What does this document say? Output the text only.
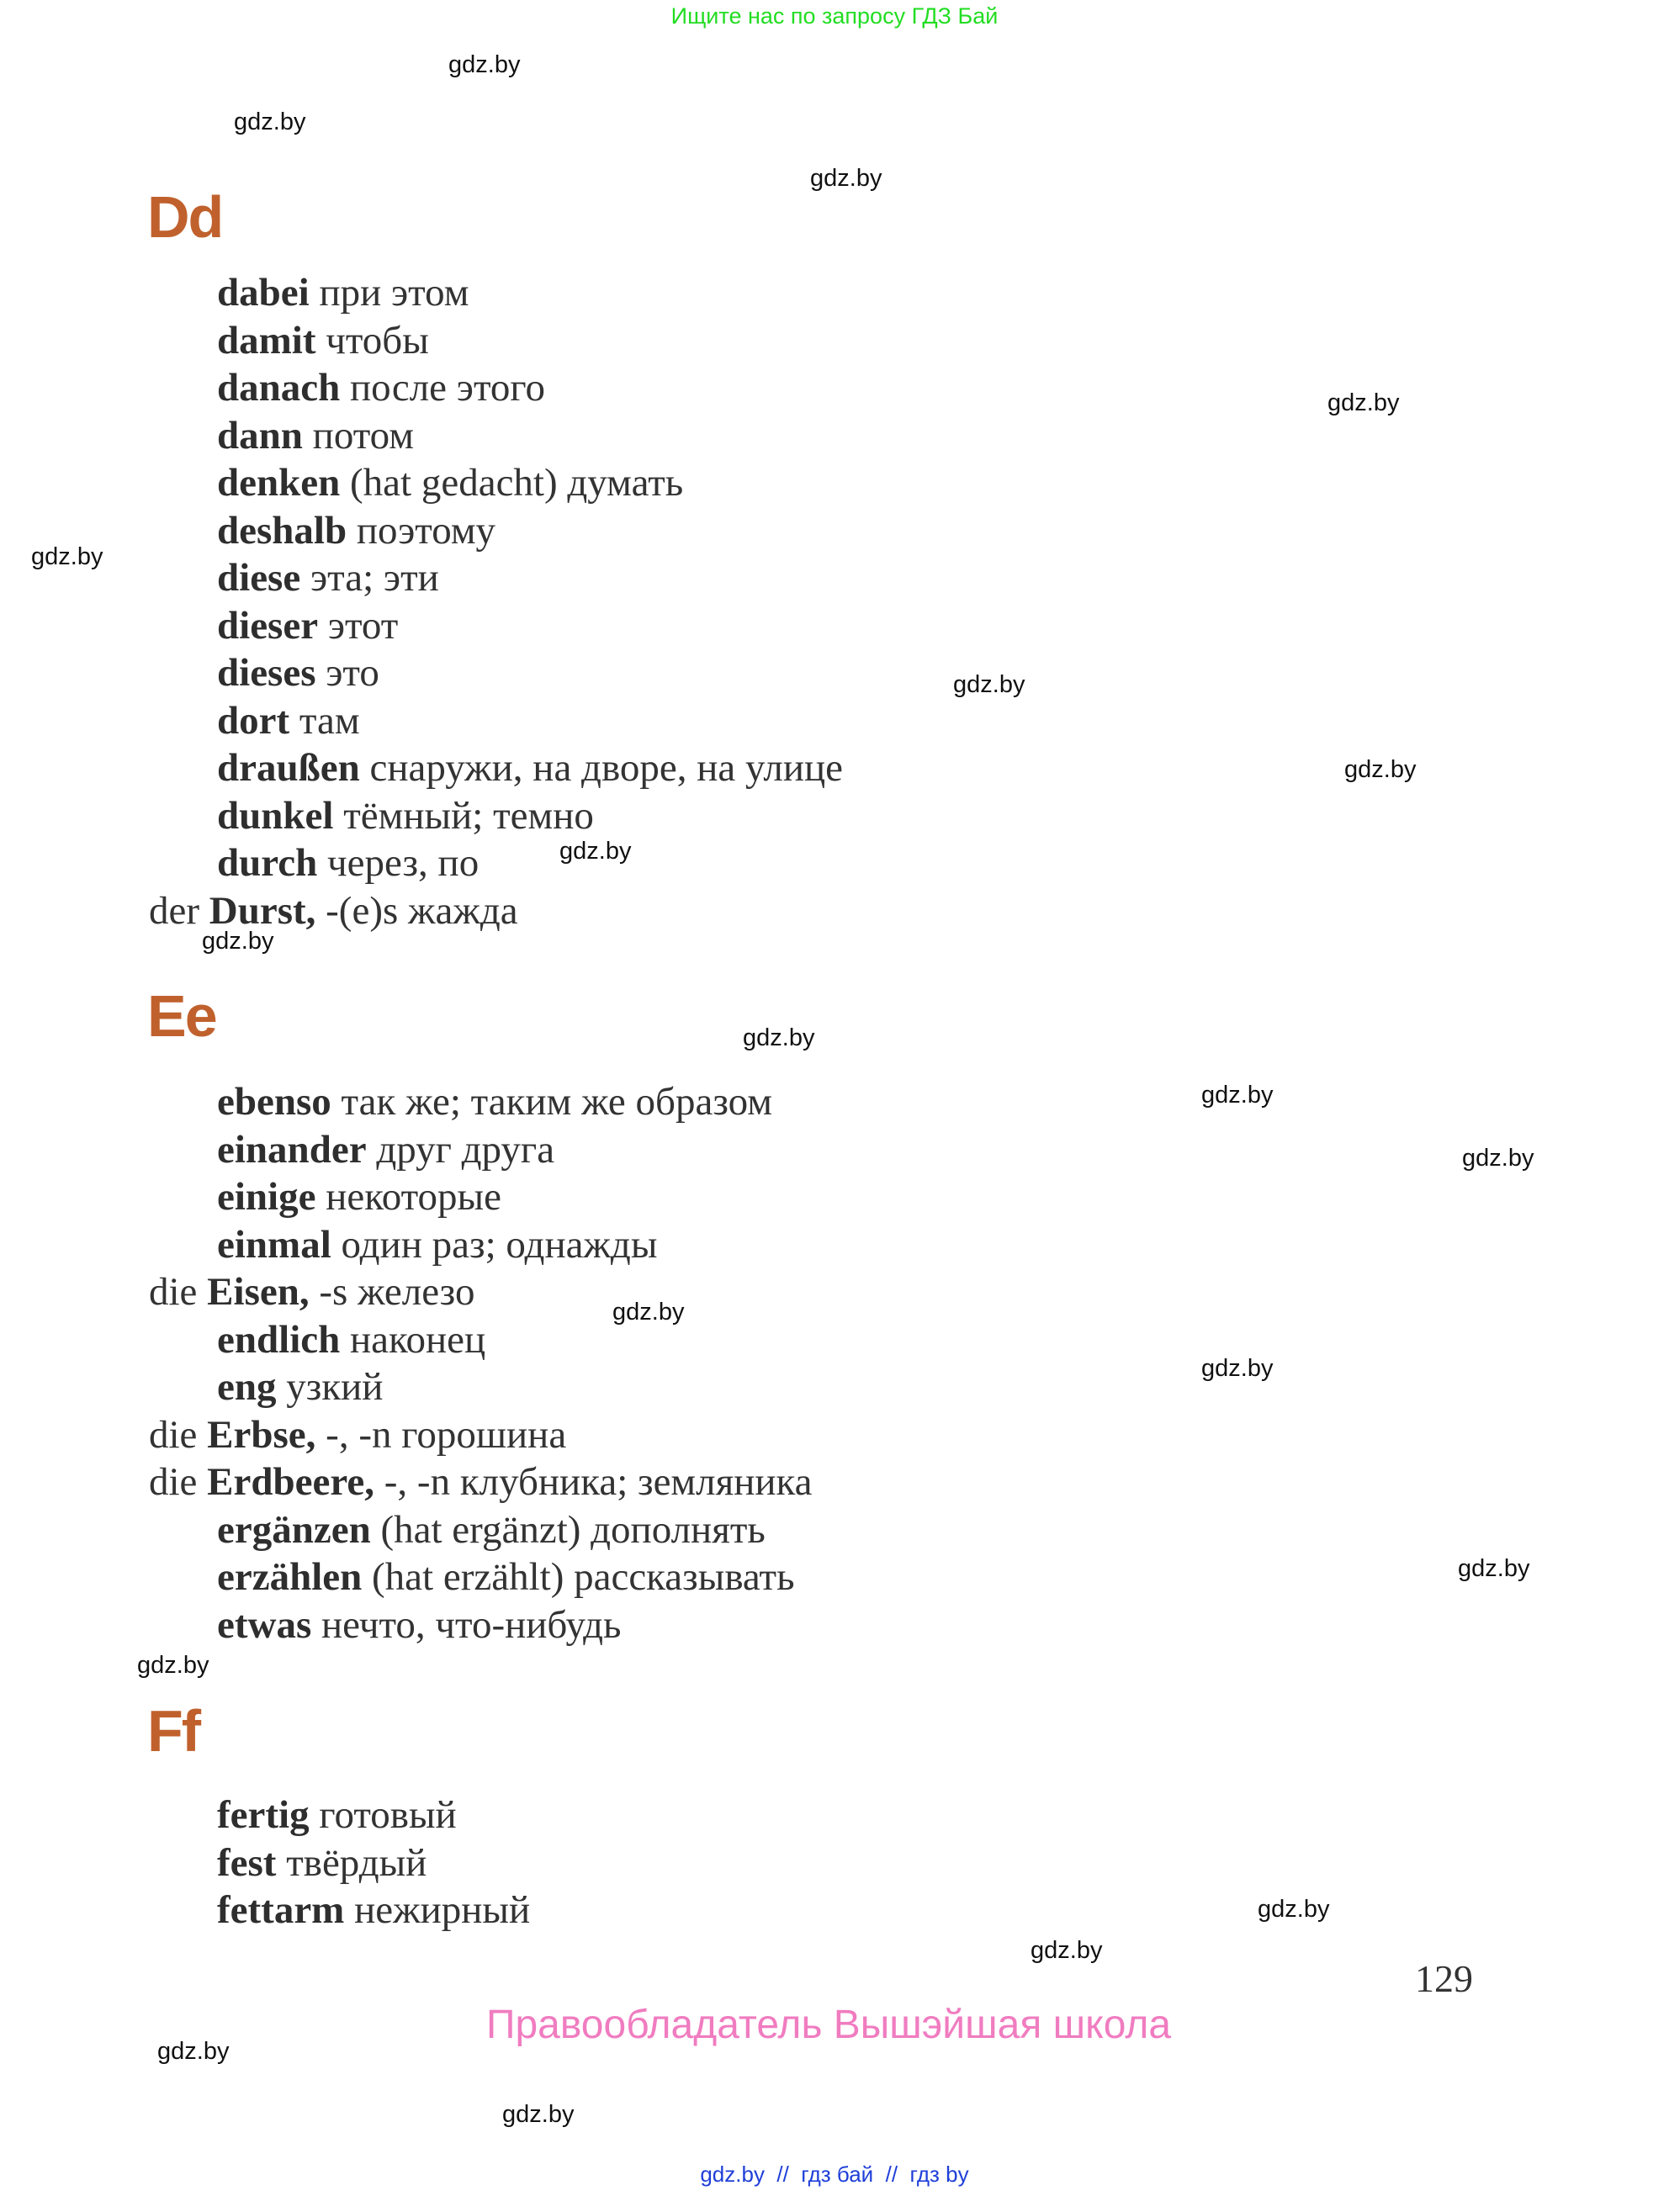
Ищите нас по запросу ГДЗ Бай
gdz.by
gdz.by
gdz.by
gdz.by
gdz.by
gdz.by
gdz.by
gdz.by
gdz.by
gdz.by
gdz.by
gdz.by
gdz.by
gdz.by
gdz.by
gdz.by
gdz.by
gdz.by
gdz.by
gdz.by
Dd
dabei при этом
damit чтобы
danach после этого
dann потом
denken (hat gedacht) думать
deshalb поэтому
diese эта; эти
dieser этот
dieses это
dort там
draußen снаружи, на дворе, на улице
dunkel тёмный; темно
durch через, по
der Durst, -(e)s жажда
Ee
ebenso так же; таким же образом
einander друг друга
einige некоторые
einmal один раз; однажды
die Eisen, -s железо
endlich наконец
eng узкий
die Erbse, -, -n горошина
die Erdbeere, -, -n клубника; земляника
ergänzen (hat ergänzt) дополнять
erzählen (hat erzählt) рассказывать
etwas нечто, что-нибудь
Ff
fertig готовый
fest твёрдый
fettarm нежирный
129
Правообладатель Вышэйшая школа
gdz.by  //  гдз бай  //  гдз by
